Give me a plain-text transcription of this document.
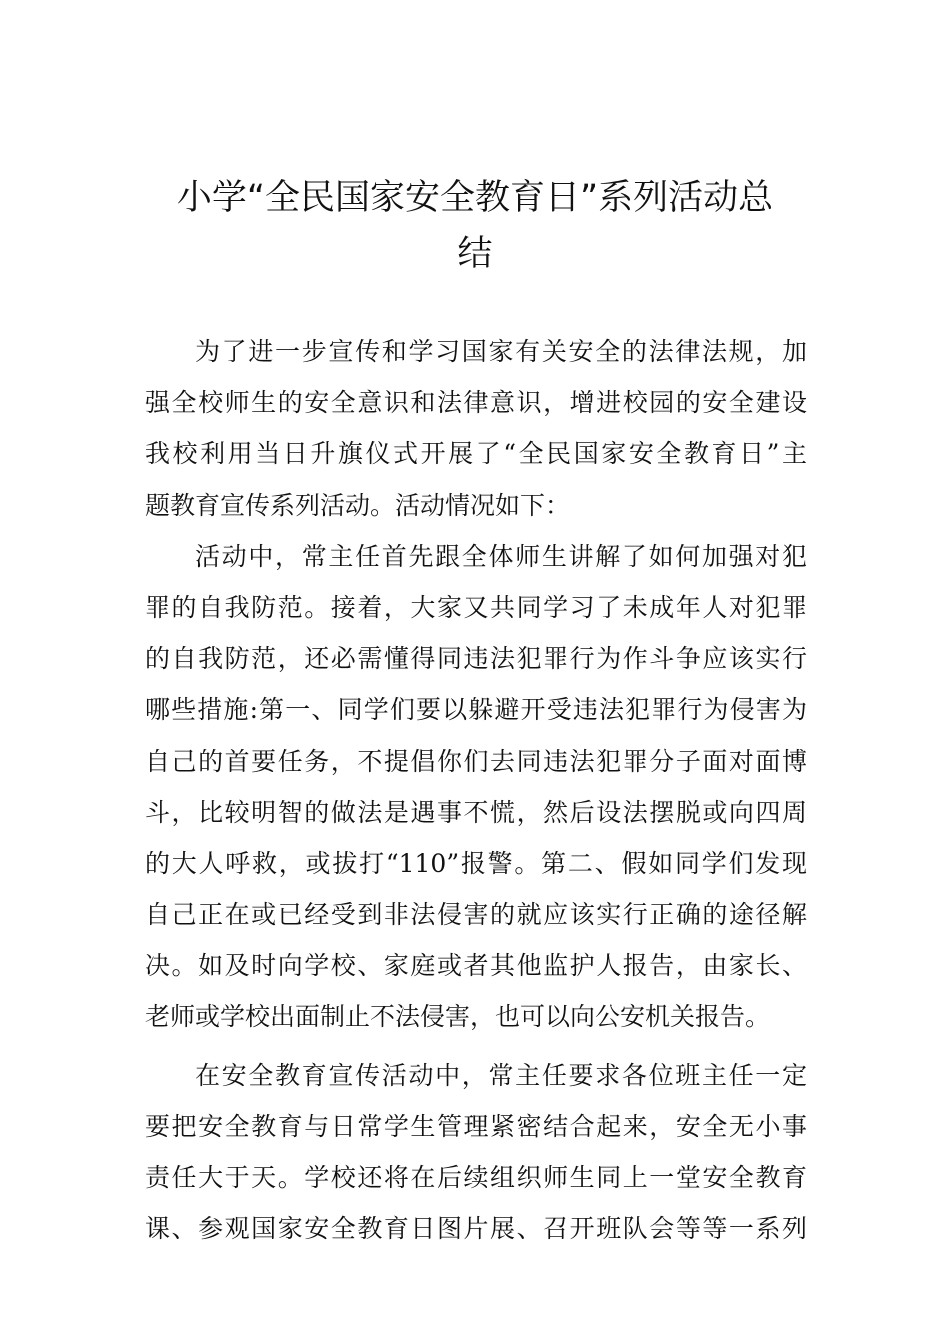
小学“全民国家安全教育日”系列活动总
结
为了进一步宣传和学习国家有关安全的法律法规，加
强全校师生的安全意识和法律意识，增进校园的安全建设
我校利用当日升旗仪式开展了“全民国家安全教育日”主
题教育宣传系列活动。活动情况如下：
活动中，常主任首先跟全体师生讲解了如何加强对犯
罪的自我防范。接着，大家又共同学习了未成年人对犯罪
的自我防范，还必需懂得同违法犯罪行为作斗争应该实行
哪些措施:第一、同学们要以躲避开受违法犯罪行为侵害为
自己的首要任务，不提倡你们去同违法犯罪分子面对面博
斗，比较明智的做法是遇事不慌，然后设法摆脱或向四周
的大人呼救，或拔打“110”报警。第二、假如同学们发现
自己正在或已经受到非法侵害的就应该实行正确的途径解
决。如及时向学校、家庭或者其他监护人报告，由家长、
老师或学校出面制止不法侵害，也可以向公安机关报告。
在安全教育宣传活动中，常主任要求各位班主任一定
要把安全教育与日常学生管理紧密结合起来，安全无小事
责任大于天。学校还将在后续组织师生同上一堂安全教育
课、参观国家安全教育日图片展、召开班队会等等一系列
